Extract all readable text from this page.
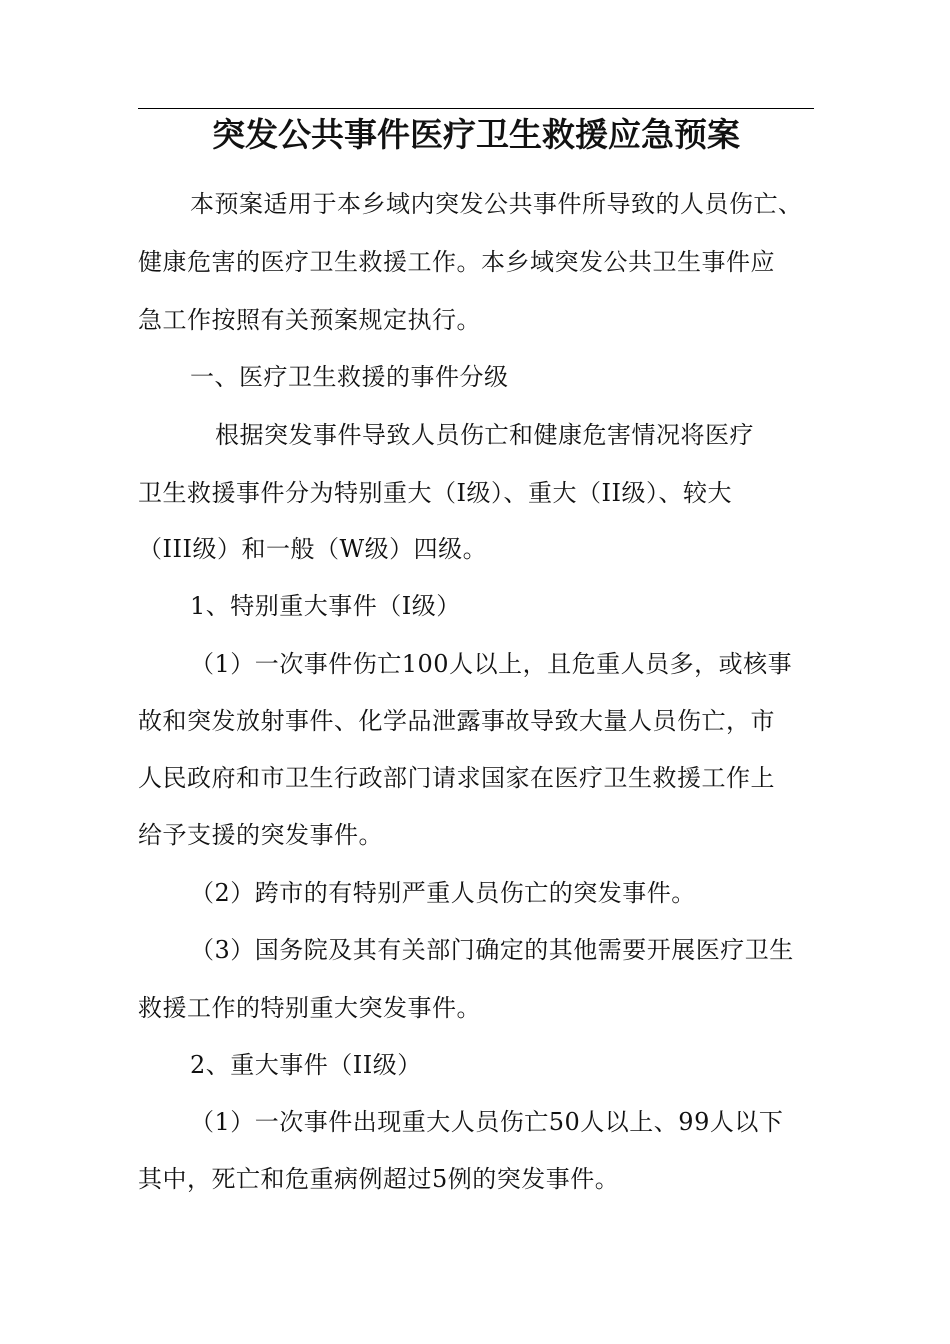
突发公共事件医疗卫生救援应急预案
本预案适用于本乡域内突发公共事件所导致的人员伤亡、
健康危害的医疗卫生救援工作。本乡域突发公共卫生事件应
急工作按照有关预案规定执行。
一、医疗卫生救援的事件分级
根据突发事件导致人员伤亡和健康危害情况将医疗
卫生救援事件分为特别重大（I级）、重大（II级）、较大
（III级）和一般（W级）四级。
1、特别重大事件（I级）
（1）一次事件伤亡100人以上，且危重人员多，或核事
故和突发放射事件、化学品泄露事故导致大量人员伤亡，市
人民政府和市卫生行政部门请求国家在医疗卫生救援工作上
给予支援的突发事件。
（2）跨市的有特别严重人员伤亡的突发事件。
（3）国务院及其有关部门确定的其他需要开展医疗卫生
救援工作的特别重大突发事件。
2、重大事件（II级）
（1）一次事件出现重大人员伤亡50人以上、99人以下
其中，死亡和危重病例超过5例的突发事件。
